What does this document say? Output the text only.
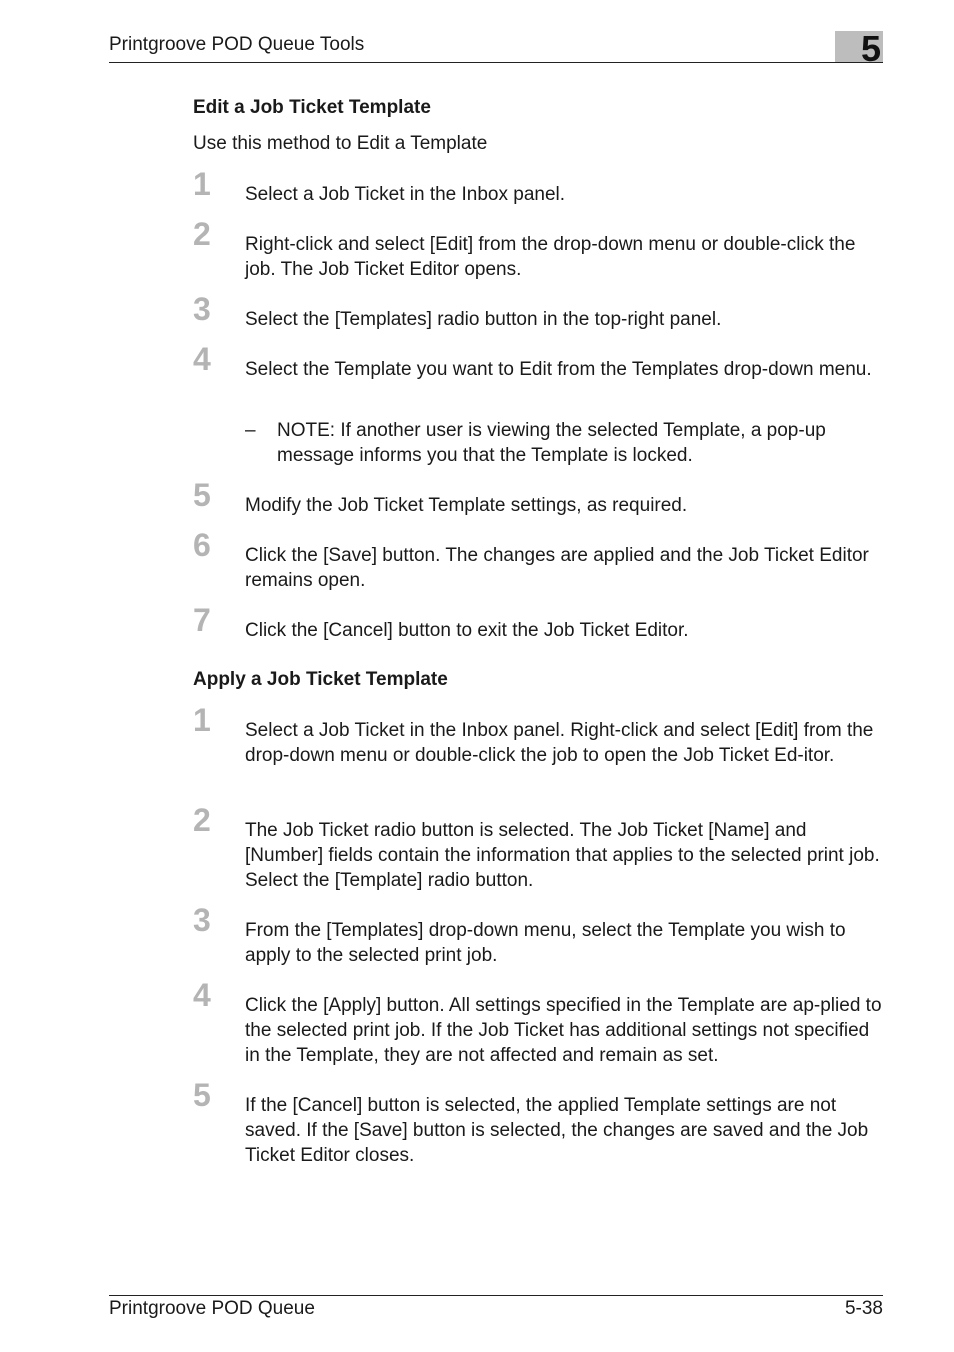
Printgroove POD Queue Tools	5
Edit a Job Ticket Template
Use this method to Edit a Template
1 Select a Job Ticket in the Inbox panel.
2 Right-click and select [Edit] from the drop-down menu or double-click the job. The Job Ticket Editor opens.
3 Select the [Templates] radio button in the top-right panel.
4 Select the Template you want to Edit from the Templates drop-down menu.
– NOTE: If another user is viewing the selected Template, a pop-up message informs you that the Template is locked.
5 Modify the Job Ticket Template settings, as required.
6 Click the [Save] button. The changes are applied and the Job Ticket Editor remains open.
7 Click the [Cancel] button to exit the Job Ticket Editor.
Apply a Job Ticket Template
1 Select a Job Ticket in the Inbox panel. Right-click and select [Edit] from the drop-down menu or double-click the job to open the Job Ticket Ed-itor.
2 The Job Ticket radio button is selected. The Job Ticket [Name] and [Number] fields contain the information that applies to the selected print job. Select the [Template] radio button.
3 From the [Templates] drop-down menu, select the Template you wish to apply to the selected print job.
4 Click the [Apply] button. All settings specified in the Template are ap-plied to the selected print job. If the Job Ticket has additional settings not specified in the Template, they are not affected and remain as set.
5 If the [Cancel] button is selected, the applied Template settings are not saved. If the [Save] button is selected, the changes are saved and the Job Ticket Editor closes.
Printgroove POD Queue	5-38
